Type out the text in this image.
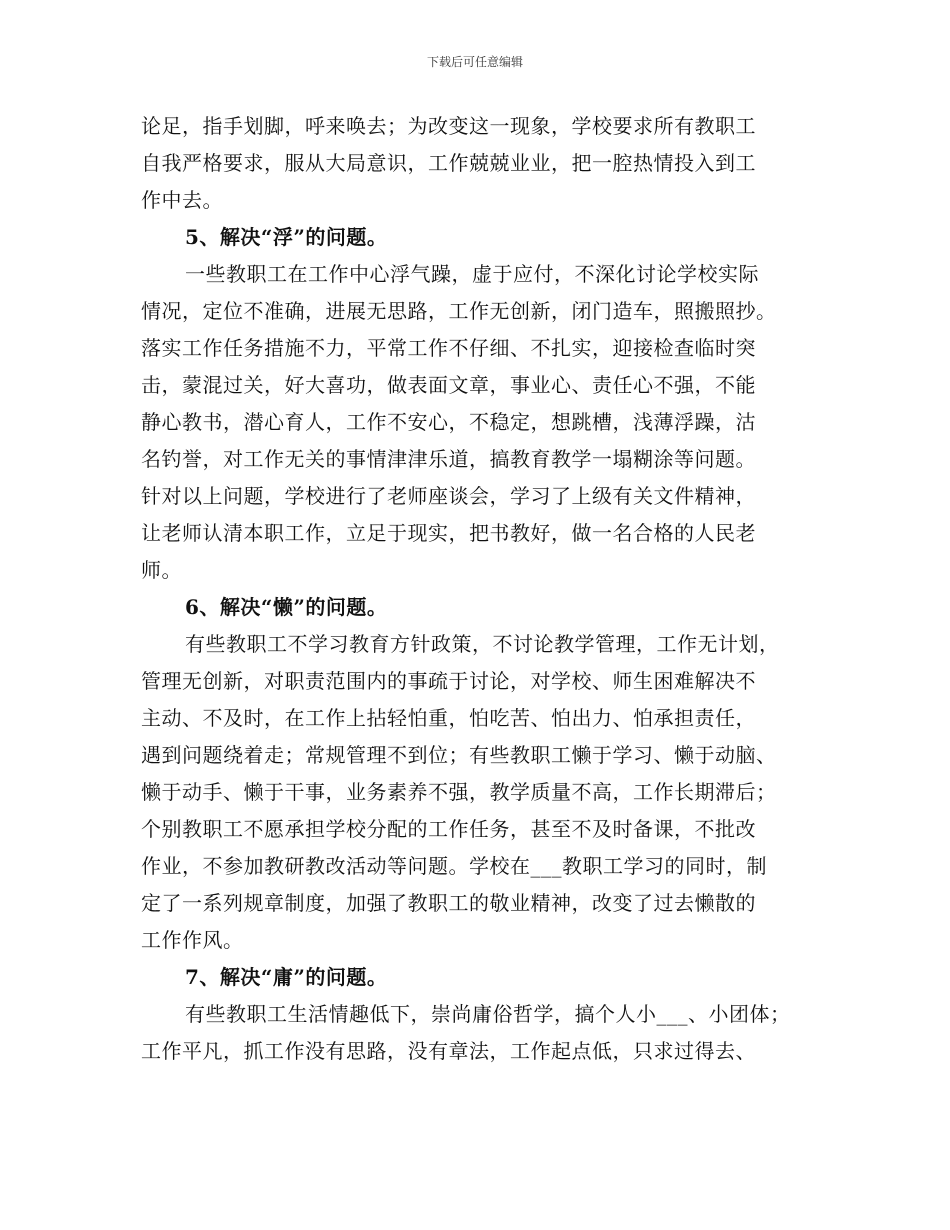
下载后可任意编辑
论足，指手划脚，呼来唤去；为改变这一现象，学校要求所有教职工
自我严格要求，服从大局意识，工作兢兢业业，把一腔热情投入到工
作中去。
5、解决“浮”的问题。
一些教职工在工作中心浮气躁，虚于应付，不深化讨论学校实际
情况，定位不准确，进展无思路，工作无创新，闭门造车，照搬照抄。
落实工作任务措施不力，平常工作不仔细、不扎实，迎接检查临时突
击，蒙混过关，好大喜功，做表面文章，事业心、责任心不强，不能
静心教书，潜心育人，工作不安心，不稳定，想跳槽，浅薄浮躁，沽
名钓誉，对工作无关的事情津津乐道，搞教育教学一塌糊涂等问题。
针对以上问题，学校进行了老师座谈会，学习了上级有关文件精神，
让老师认清本职工作，立足于现实，把书教好，做一名合格的人民老
师。
6、解决“懒”的问题。
有些教职工不学习教育方针政策，不讨论教学管理，工作无计划，
管理无创新，对职责范围内的事疏于讨论，对学校、师生困难解决不
主动、不及时，在工作上拈轻怕重，怕吃苦、怕出力、怕承担责任，
遇到问题绕着走；常规管理不到位；有些教职工懒于学习、懒于动脑、
懒于动手、懒于干事，业务素养不强，教学质量不高，工作长期滞后；
个别教职工不愿承担学校分配的工作任务，甚至不及时备课，不批改
作业，不参加教研教改活动等问题。学校在___教职工学习的同时，制
定了一系列规章制度，加强了教职工的敬业精神，改变了过去懒散的
工作作风。
7、解决“庸”的问题。
有些教职工生活情趣低下，崇尚庸俗哲学，搞个人小___、小团体；
工作平凡，抓工作没有思路，没有章法，工作起点低，只求过得去、
